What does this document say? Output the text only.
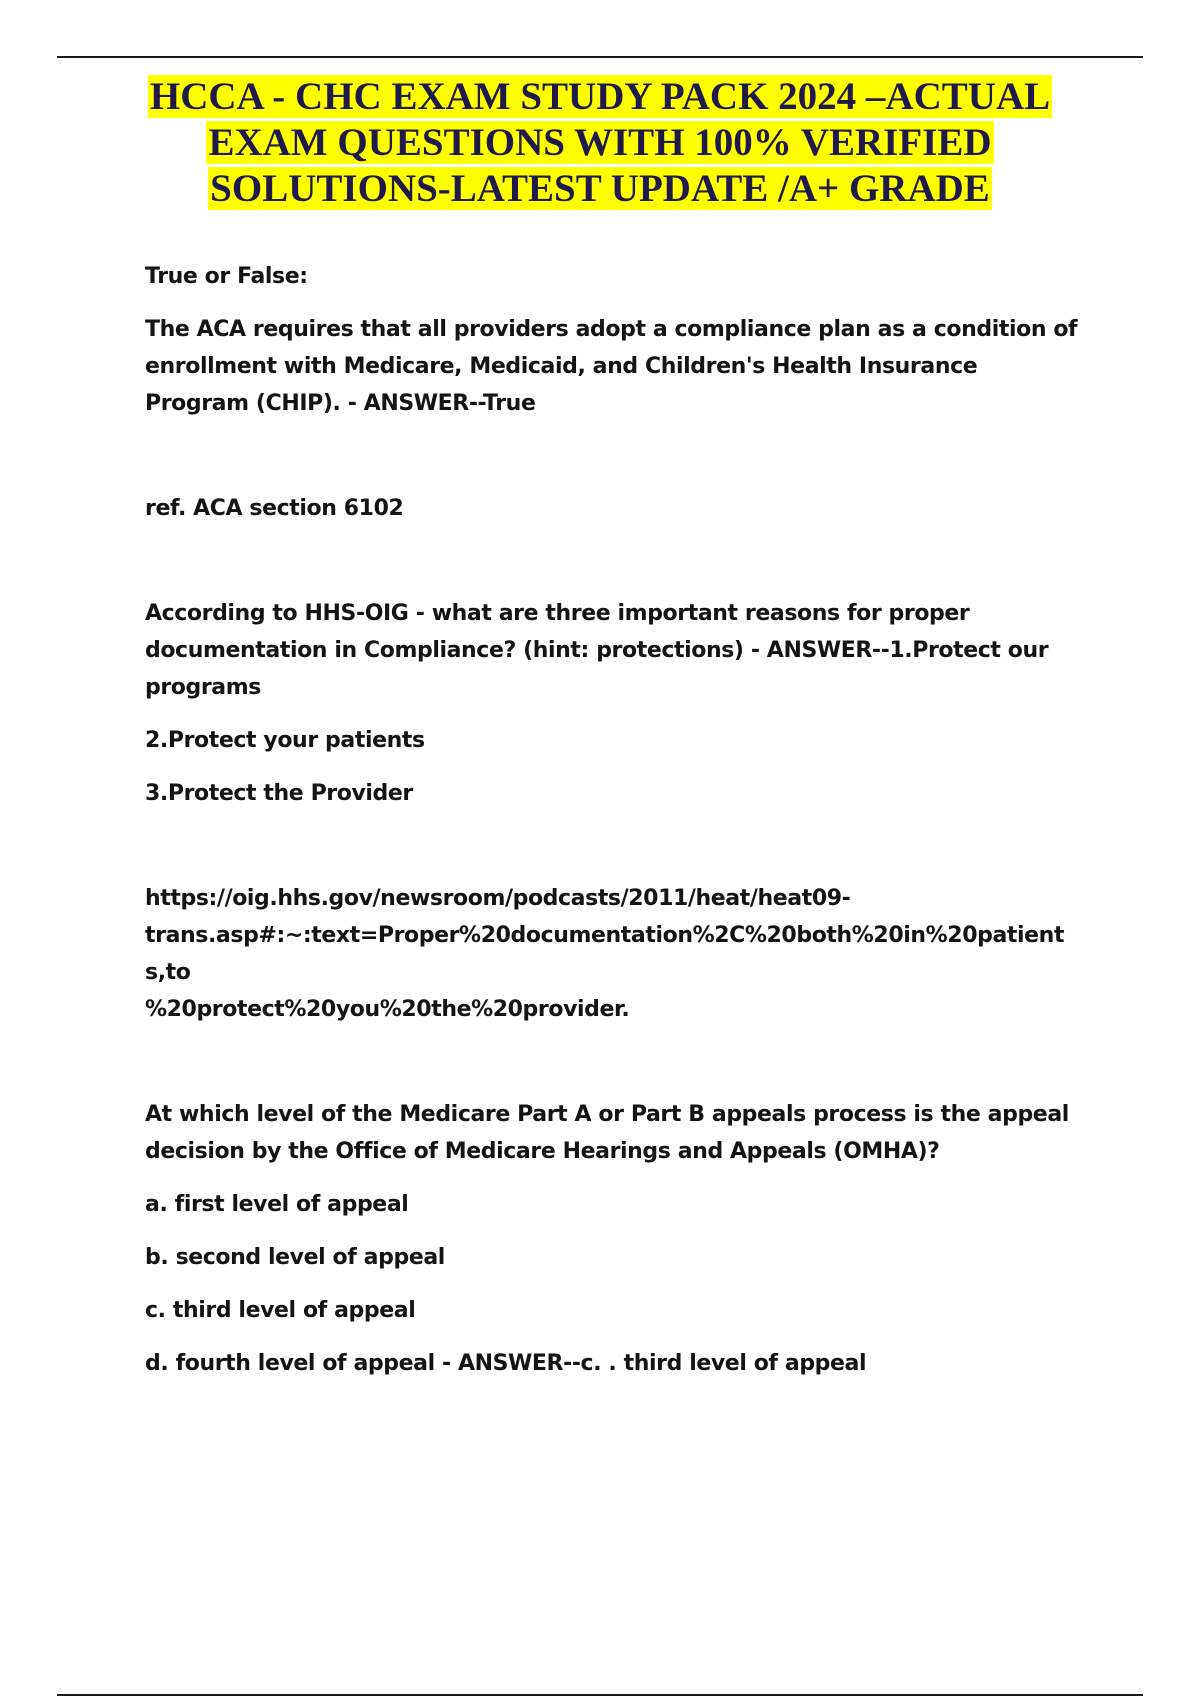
HCCA - CHC EXAM STUDY PACK 2024 –ACTUAL
EXAM QUESTIONS WITH 100% VERIFIED
SOLUTIONS-LATEST UPDATE /A+ GRADE

True or False:

The ACA requires that all providers adopt a compliance plan as a condition of enrollment with Medicare, Medicaid, and Children's Health Insurance Program (CHIP). - ANSWER--True

ref. ACA section 6102

According to HHS-OIG - what are three important reasons for proper documentation in Compliance? (hint: protections) - ANSWER--1.Protect our programs

2.Protect your patients

3.Protect the Provider

https://oig.hhs.gov/newsroom/podcasts/2011/heat/heat09-
trans.asp#:~:text=Proper%20documentation%2C%20both%20in%20patients,to
%20protect%20you%20the%20provider.

At which level of the Medicare Part A or Part B appeals process is the appeal decision by the Office of Medicare Hearings and Appeals (OMHA)?

a. first level of appeal

b. second level of appeal

c. third level of appeal

d. fourth level of appeal - ANSWER--c. . third level of appeal
